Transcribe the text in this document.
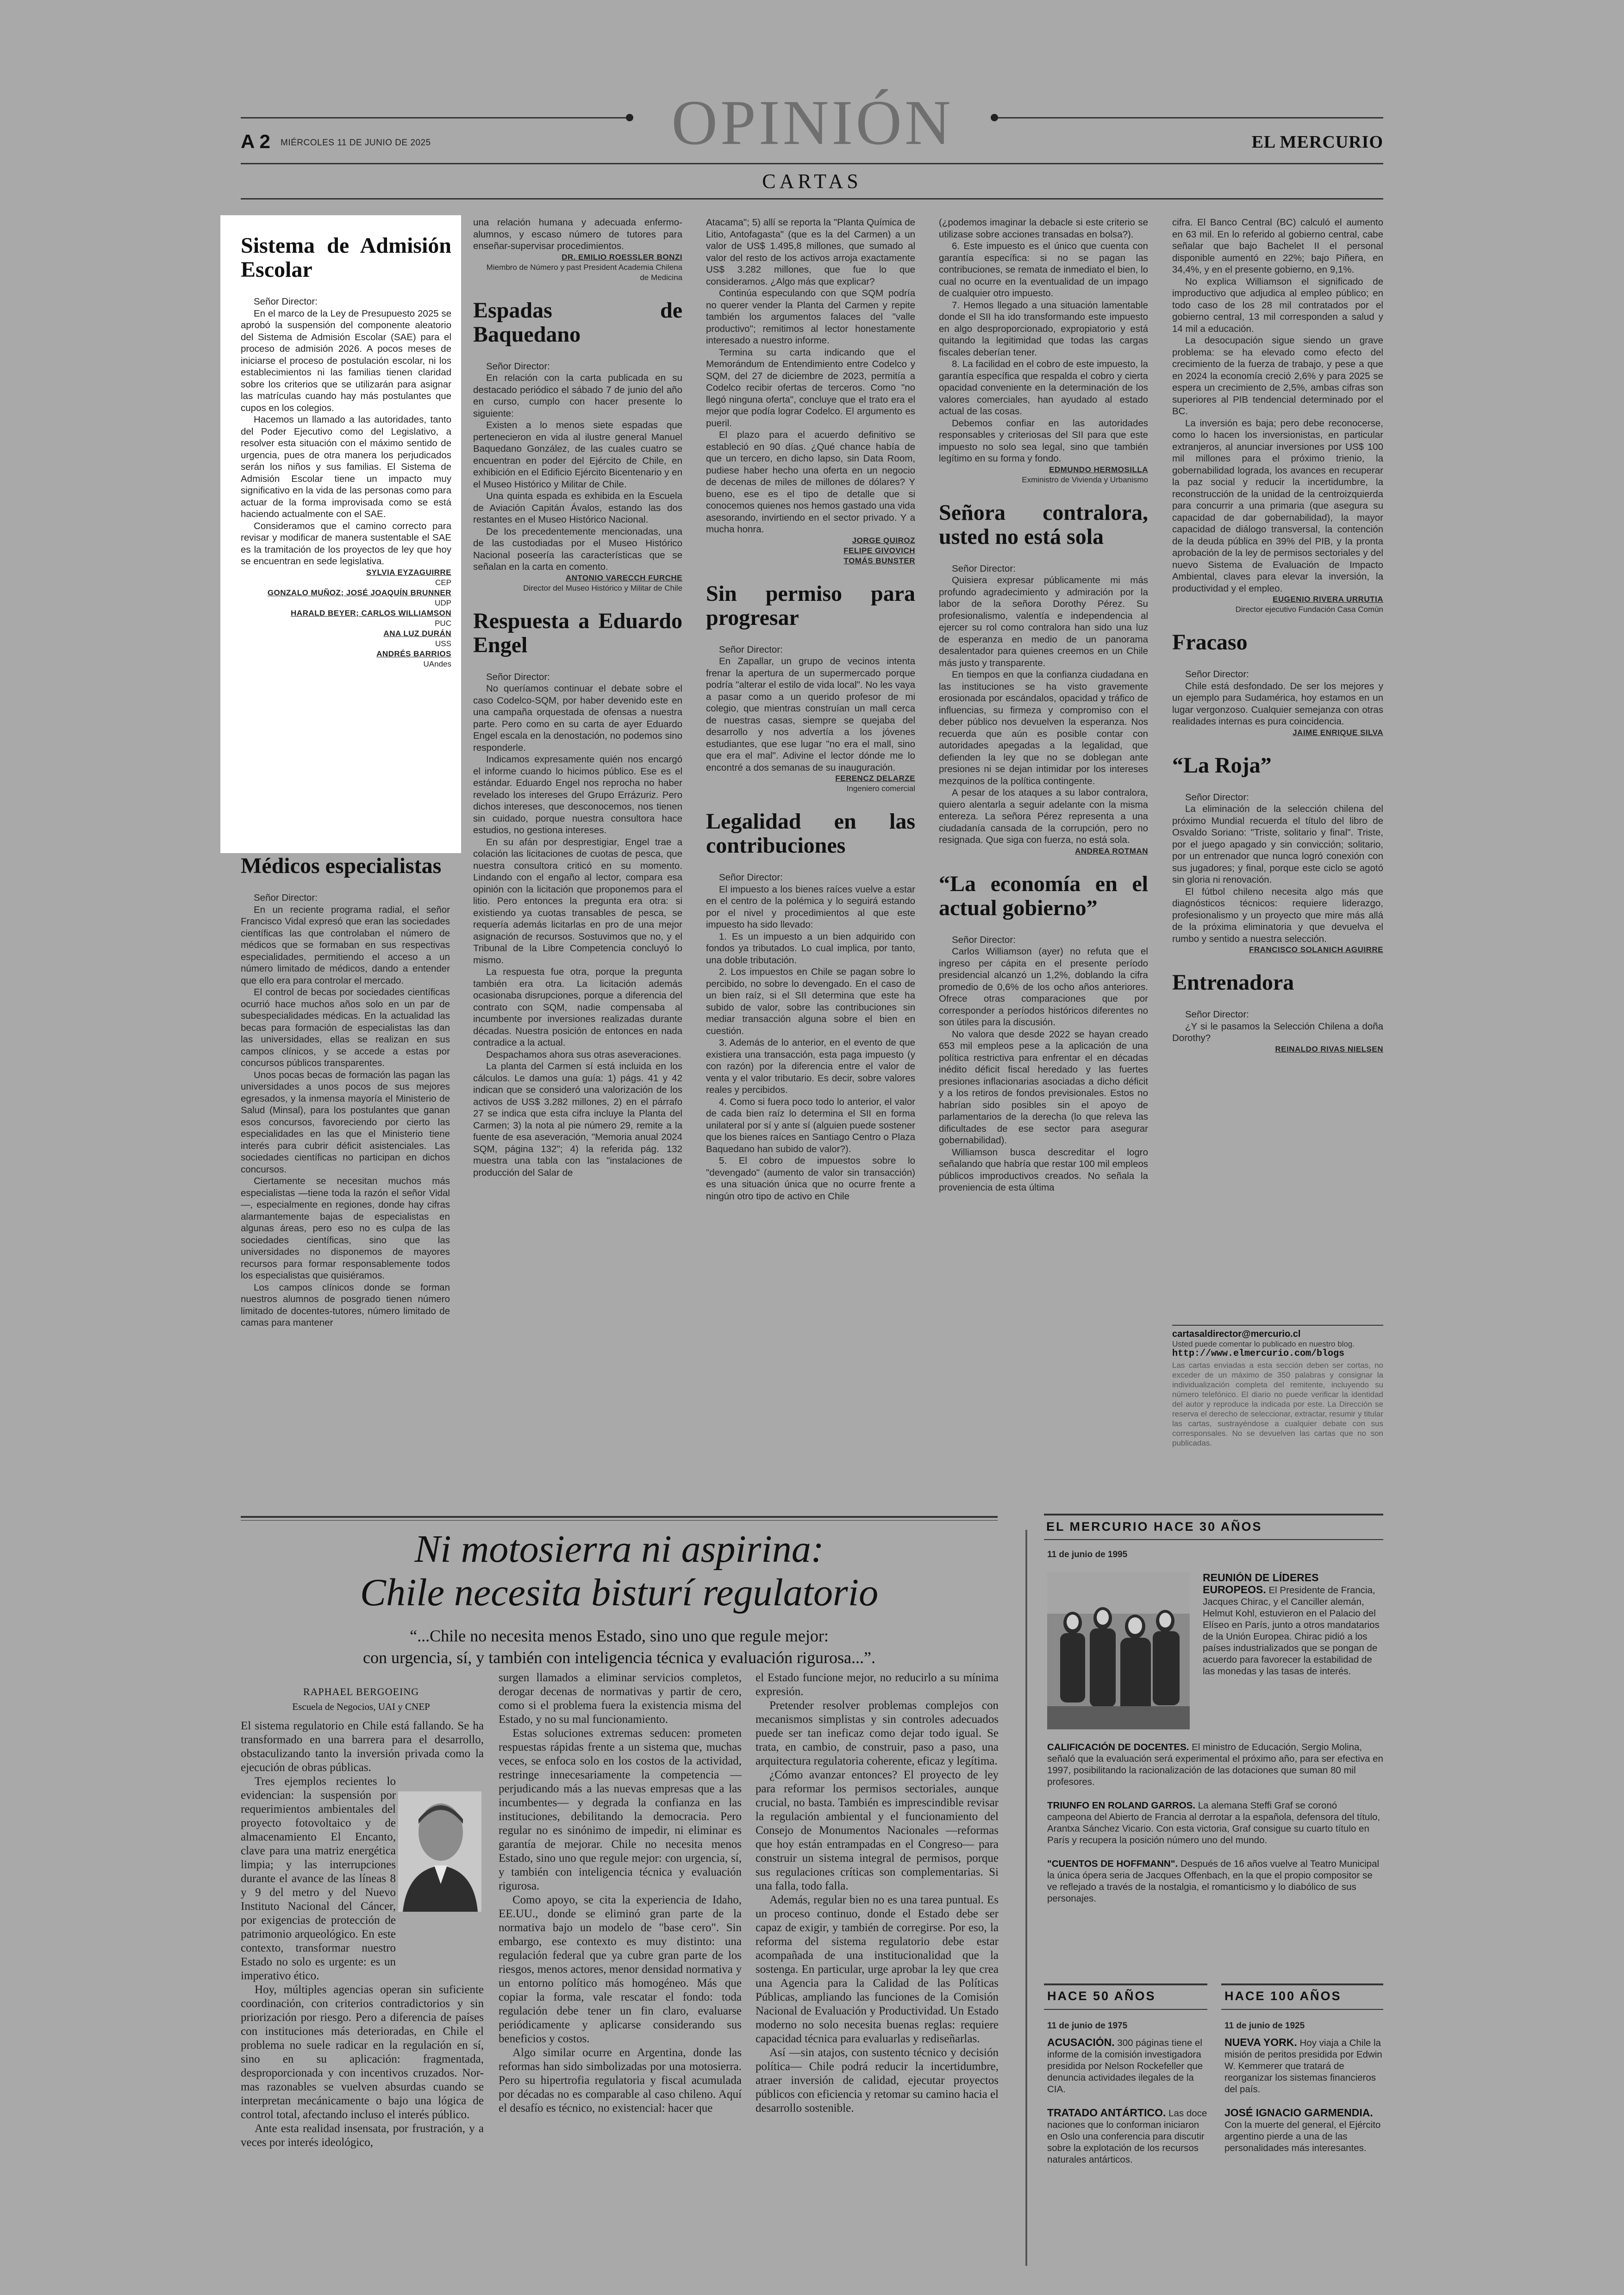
OPINIÓN
A 2 MIÉRCOLES 11 DE JUNIO DE 2025	EL MERCURIO
CARTAS
Sistema de Admisión Escolar

Señor Director:

En el marco de la Ley de Presupuesto 2025 se aprobó la suspensión del componente aleatorio del Sistema de Admisión Escolar (SAE) para el proceso de admisión 2026. A pocos meses de iniciarse el proceso de postulación escolar, ni los establecimientos ni las familias tienen claridad sobre los criterios que se utilizarán para asignar las matrículas cuando hay más postulantes que cupos en los colegios.

Hacemos un llamado a las autoridades, tanto del Poder Ejecutivo como del Legislativo, a resolver esta situación con el máximo sentido de urgencia, pues de otra manera los perjudicados serán los niños y sus familias. El Sistema de Admisión Escolar tiene un impacto muy significativo en la vida de las personas como para actuar de la forma improvisada como se está haciendo actualmente con el SAE.

Consideramos que el camino correcto para revisar y modificar de manera sustentable el SAE es la tramitación de los proyectos de ley que hoy se encuentran en sede legislativa.

SYLVIA EYZAGUIRRE

CEP

GONZALO MUÑOZ; JOSÉ JOAQUÍN BRUNNER

UDP

HARALD BEYER; CARLOS WILLIAMSON

PUC

ANA LUZ DURÁN

USS

ANDRÉS BARRIOS

UAndes

Médicos especialistas

Señor Director:

En un reciente programa radial, el señor Francisco Vidal expresó que eran las sociedades científicas las que controlaban el número de médicos que se formaban en sus respectivas especialidades, permitiendo el acceso a un número limitado de médicos, dando a entender que ello era para controlar el mercado.

El control de becas por sociedades científicas ocurrió hace muchos años solo en un par de subespecialidades médicas. En la actualidad las becas para formación de especialistas las dan las universidades, ellas se realizan en sus campos clínicos, y se accede a estas por concursos públicos transparentes.

Unos pocas becas de formación las pagan las universidades a unos pocos de sus mejores egresados, y la inmensa mayoría el Ministerio de Salud (Minsal), para los postulantes que ganan esos concursos, favoreciendo por cierto las especialidades en las que el Ministerio tiene interés para cubrir déficit asistenciales. Las sociedades científicas no participan en dichos concursos.

Ciertamente se necesitan muchos más especialistas —tiene toda la razón el señor Vidal—, especialmente en regiones, donde hay cifras alarmantemente bajas de especialistas en algunas áreas, pero eso no es culpa de las sociedades científicas, sino que las universidades no disponemos de mayores recursos para formar responsablemente todos los especialistas que quisiéramos.

Los campos clínicos donde se forman nuestros alumnos de posgrado tienen número limitado de docentes-tutores, número limitado de camas para mantener

una relación humana y adecuada enfermo-alumnos, y escaso número de tutores para enseñar-supervisar procedimientos.

DR. EMILIO ROESSLER BONZI

Miembro de Número y past President Academia Chilena de Medicina

Espadas de Baquedano

Señor Director:

En relación con la carta publicada en su destacado periódico el sábado 7 de junio del año en curso, cumplo con hacer presente lo siguiente:

Existen a lo menos siete espadas que pertenecieron en vida al ilustre general Manuel Baquedano González, de las cuales cuatro se encuentran en poder del Ejército de Chile, en exhibición en el Edificio Ejército Bicentenario y en el Museo Histórico y Militar de Chile.

Una quinta espada es exhibida en la Escuela de Aviación Capitán Ávalos, estando las dos restantes en el Museo Histórico Nacional.

De los precedentemente mencionadas, una de las custodiadas por el Museo Histórico Nacional poseería las características que se señalan en la carta en comento.

ANTONIO VARECCH FURCHE

Director del Museo Histórico y Militar de Chile

Respuesta a Eduardo Engel

Señor Director:

No queríamos continuar el debate sobre el caso Codelco-SQM, por haber devenido este en una campaña orquestada de ofensas a nuestra parte. Pero como en su carta de ayer Eduardo Engel escala en la denostación, no podemos sino responderle.

Indicamos expresamente quién nos encargó el informe cuando lo hicimos público. Ese es el estándar. Eduardo Engel nos reprocha no haber revelado los intereses del Grupo Errázuriz. Pero dichos intereses, que desconocemos, nos tienen sin cuidado, porque nuestra consultora hace estudios, no gestiona intereses.

En su afán por desprestigiar, Engel trae a colación las licitaciones de cuotas de pesca, que nuestra consultora criticó en su momento. Lindando con el engaño al lector, compara esa opinión con la licitación que proponemos para el litio. Pero entonces la pregunta era otra: si existiendo ya cuotas transables de pesca, se requería además licitarlas en pro de una mejor asignación de recursos. Sostuvimos que no, y el Tribunal de la Libre Competencia concluyó lo mismo.

La respuesta fue otra, porque la pregunta también era otra. La licitación además ocasionaba disrupciones, porque a diferencia del contrato con SQM, nadie compensaba al incumbente por inversiones realizadas durante décadas. Nuestra posición de entonces en nada contradice a la actual.

Despachamos ahora sus otras aseveraciones.

La planta del Carmen sí está incluida en los cálculos. Le damos una guía: 1) págs. 41 y 42 indican que se consideró una valorización de los activos de US$ 3.282 millones, 2) en el párrafo 27 se indica que esta cifra incluye la Planta del Carmen; 3) la nota al pie número 29, remite a la fuente de esa aseveración, "Memoria anual 2024 SQM, página 132"; 4) la referida pág. 132 muestra una tabla con las "instalaciones de producción del Salar de

Atacama"; 5) allí se reporta la "Planta Química de Litio, Antofagasta" (que es la del Carmen) a un valor de US$ 1.495,8 millones, que sumado al valor del resto de los activos arroja exactamente US$ 3.282 millones, que fue lo que consideramos. ¿Algo más que explicar?

Continúa especulando con que SQM podría no querer vender la Planta del Carmen y repite también los argumentos falaces del "valle productivo"; remitimos al lector honestamente interesado a nuestro informe.

Termina su carta indicando que el Memorándum de Entendimiento entre Codelco y SQM, del 27 de diciembre de 2023, permitía a Codelco recibir ofertas de terceros. Como "no llegó ninguna oferta", concluye que el trato era el mejor que podía lograr Codelco. El argumento es pueril.

El plazo para el acuerdo definitivo se estableció en 90 días. ¿Qué chance había de que un tercero, en dicho lapso, sin Data Room, pudiese haber hecho una oferta en un negocio de decenas de miles de millones de dólares? Y bueno, ese es el tipo de detalle que si conocemos quienes nos hemos gastado una vida asesorando, invirtiendo en el sector privado. Y a mucha honra.

JORGE QUIROZ

FELIPE GIVOVICH

TOMÁS BUNSTER

Sin permiso para progresar

Señor Director:

En Zapallar, un grupo de vecinos intenta frenar la apertura de un supermercado porque podría "alterar el estilo de vida local". No les vaya a pasar como a un querido profesor de mi colegio, que mientras construían un mall cerca de nuestras casas, siempre se quejaba del desarrollo y nos advertía a los jóvenes estudiantes, que ese lugar "no era el mall, sino que era el mal". Adivine el lector dónde me lo encontré a dos semanas de su inauguración.

FERENCZ DELARZE

Ingeniero comercial

Legalidad en las contribuciones

Señor Director:

El impuesto a los bienes raíces vuelve a estar en el centro de la polémica y lo seguirá estando por el nivel y procedimientos al que este impuesto ha sido llevado:

1. Es un impuesto a un bien adquirido con fondos ya tributados. Lo cual implica, por tanto, una doble tributación.

2. Los impuestos en Chile se pagan sobre lo percibido, no sobre lo devengado. En el caso de un bien raíz, si el SII determina que este ha subido de valor, sobre las contribuciones sin mediar transacción alguna sobre el bien en cuestión.

3. Además de lo anterior, en el evento de que existiera una transacción, esta paga impuesto (y con razón) por la diferencia entre el valor de venta y el valor tributario. Es decir, sobre valores reales y percibidos.

4. Como si fuera poco todo lo anterior, el valor de cada bien raíz lo determina el SII en forma unilateral por sí y ante sí (alguien puede sostener que los bienes raíces en Santiago Centro o Plaza Baquedano han subido de valor?).

5. El cobro de impuestos sobre lo "devengado" (aumento de valor sin transacción) es una situación única que no ocurre frente a ningún otro tipo de activo en Chile

(¿podemos imaginar la debacle si este criterio se utilizase sobre acciones transadas en bolsa?).

6. Este impuesto es el único que cuenta con garantía específica: si no se pagan las contribuciones, se remata de inmediato el bien, lo cual no ocurre en la eventualidad de un impago de cualquier otro impuesto.

7. Hemos llegado a una situación lamentable donde el SII ha ido transformando este impuesto en algo desproporcionado, expropiatorio y está quitando la legitimidad que todas las cargas fiscales deberían tener.

8. La facilidad en el cobro de este impuesto, la garantía específica que respalda el cobro y cierta opacidad conveniente en la determinación de los valores comerciales, han ayudado al estado actual de las cosas.

Debemos confiar en las autoridades responsables y criteriosas del SII para que este impuesto no solo sea legal, sino que también legítimo en su forma y fondo.

EDMUNDO HERMOSILLA

Exministro de Vivienda y Urbanismo

Señora contralora, usted no está sola

Señor Director:

Quisiera expresar públicamente mi más profundo agradecimiento y admiración por la labor de la señora Dorothy Pérez. Su profesionalismo, valentía e independencia al ejercer su rol como contralora han sido una luz de esperanza en medio de un panorama desalentador para quienes creemos en un Chile más justo y transparente.

En tiempos en que la confianza ciudadana en las instituciones se ha visto gravemente erosionada por escándalos, opacidad y tráfico de influencias, su firmeza y compromiso con el deber público nos devuelven la esperanza. Nos recuerda que aún es posible contar con autoridades apegadas a la legalidad, que defienden la ley que no se doblegan ante presiones ni se dejan intimidar por los intereses mezquinos de la política contingente.

A pesar de los ataques a su labor contralora, quiero alentarla a seguir adelante con la misma entereza. La señora Pérez representa a una ciudadanía cansada de la corrupción, pero no resignada. Que siga con fuerza, no está sola.

ANDREA ROTMAN

“La economía en el actual gobierno”

Señor Director:

Carlos Williamson (ayer) no refuta que el ingreso per cápita en el presente período presidencial alcanzó un 1,2%, doblando la cifra promedio de 0,6% de los ocho años anteriores. Ofrece otras comparaciones que por corresponder a períodos históricos diferentes no son útiles para la discusión.

No valora que desde 2022 se hayan creado 653 mil empleos pese a la aplicación de una política restrictiva para enfrentar el en décadas inédito déficit fiscal heredado y las fuertes presiones inflacionarias asociadas a dicho déficit y a los retiros de fondos previsionales. Estos no habrían sido posibles sin el apoyo de parlamentarios de la derecha (lo que releva las dificultades de ese sector para asegurar gobernabilidad).

Williamson busca descreditar el logro señalando que habría que restar 100 mil empleos públicos improductivos creados. No señala la proveniencia de esta última

cifra. El Banco Central (BC) calculó el aumento en 63 mil. En lo referido al gobierno central, cabe señalar que bajo Bachelet II el personal disponible aumentó en 22%; bajo Piñera, en 34,4%, y en el presente gobierno, en 9,1%.

No explica Williamson el significado de improductivo que adjudica al empleo público; en todo caso de los 28 mil contratados por el gobierno central, 13 mil corresponden a salud y 14 mil a educación.

La desocupación sigue siendo un grave problema: se ha elevado como efecto del crecimiento de la fuerza de trabajo, y pese a que en 2024 la economía creció 2,6% y para 2025 se espera un crecimiento de 2,5%, ambas cifras son superiores al PIB tendencial determinado por el BC.

La inversión es baja; pero debe reconocerse, como lo hacen los inversionistas, en particular extranjeros, al anunciar inversiones por US$ 100 mil millones para el próximo trienio, la gobernabilidad lograda, los avances en recuperar la paz social y reducir la incertidumbre, la reconstrucción de la unidad de la centroizquierda para concurrir a una primaria (que asegura su capacidad de dar gobernabilidad), la mayor capacidad de diálogo transversal, la contención de la deuda pública en 39% del PIB, y la pronta aprobación de la ley de permisos sectoriales y del nuevo Sistema de Evaluación de Impacto Ambiental, claves para elevar la inversión, la productividad y el empleo.

EUGENIO RIVERA URRUTIA

Director ejecutivo Fundación Casa Común

Fracaso

Señor Director:

Chile está desfondado. De ser los mejores y un ejemplo para Sudamérica, hoy estamos en un lugar vergonzoso. Cualquier semejanza con otras realidades internas es pura coincidencia.

JAIME ENRIQUE SILVA

“La Roja”

Señor Director:

La eliminación de la selección chilena del próximo Mundial recuerda el título del libro de Osvaldo Soriano: "Triste, solitario y final". Triste, por el juego apagado y sin convicción; solitario, por un entrenador que nunca logró conexión con sus jugadores; y final, porque este ciclo se agotó sin gloria ni renovación.

El fútbol chileno necesita algo más que diagnósticos técnicos: requiere liderazgo, profesionalismo y un proyecto que mire más allá de la próxima eliminatoria y que devuelva el rumbo y sentido a nuestra selección.

FRANCISCO SOLANICH AGUIRRE

Entrenadora

Señor Director:

¿Y si le pasamos la Selección Chilena a doña Dorothy?

REINALDO RIVAS NIELSEN

cartasaldirector@mercurio.cl
Usted puede comentar lo publicado en nuestro blog.
http://www.elmercurio.com/blogs
Las cartas enviadas a esta sección deben ser cortas, no exceder de un máximo de 350 palabras y consignar la individualización completa del remitente, incluyendo su número telefónico. El diario no puede verificar la identidad del autor y reproduce la indicada por este. La Dirección se reserva el derecho de seleccionar, extractar, resumir y titular las cartas, sustrayéndose a cualquier debate con sus corresponsales. No se devuelven las cartas que no son publicadas.
Ni motosierra ni aspirina:
Chile necesita bisturí regulatorio
“...Chile no necesita menos Estado, sino uno que regule mejor:
con urgencia, sí, y también con inteligencia técnica y evaluación rigurosa...”.
RAPHAEL BERGOEING
Escuela de Negocios, UAI y CNEP

El sistema regulatorio en Chile está fallando. Se ha transformado en una barrera para el desarrollo, obstaculizando tanto la inversión privada como la ejecución de obras públicas.

Tres ejemplos recientes lo evidencian: la suspensión por requerimientos ambientales del proyecto fotovoltaico y de almacenamiento El Encanto, clave para una matriz energética limpia; y las interrupciones durante el avance de las líneas 8 y 9 del metro y del Nuevo Instituto Nacional del Cáncer, por exigencias de protección de patrimonio arqueológico. En este contexto, transformar nuestro Estado no solo es urgente: es un imperativo ético.

Hoy, múltiples agencias operan sin suficiente coordinación, con criterios contradictorios y sin priorización por riesgo. Pero a diferencia de países con instituciones más deterioradas, en Chile el problema no suele radicar en la regulación en sí, sino en su aplicación: fragmentada, desproporcionada y con incentivos cruzados. Nor-mas razonables se vuelven absurdas cuando se interpretan mecánicamente o bajo una lógica de control total, afectando incluso el interés público.

Ante esta realidad insensata, por frustración, y a veces por interés ideológico,

surgen llamados a eliminar servicios completos, derogar decenas de normativas y partir de cero, como si el problema fuera la existencia misma del Estado, y no su mal funcionamiento.

Estas soluciones extremas seducen: prometen respuestas rápidas frente a un sistema que, muchas veces, se enfoca solo en los costos de la actividad, restringe innecesariamente la competencia —perjudicando más a las nuevas empresas que a las incumbentes— y degrada la confianza en las instituciones, debilitando la democracia. Pero regular no es sinónimo de impedir, ni eliminar es garantía de mejorar. Chile no necesita menos Estado, sino uno que regule mejor: con urgencia, sí, y también con inteligencia técnica y evaluación rigurosa.

Como apoyo, se cita la experiencia de Idaho, EE.UU., donde se eliminó gran parte de la normativa bajo un modelo de "base cero". Sin embargo, ese contexto es muy distinto: una regulación federal que ya cubre gran parte de los riesgos, menos actores, menor densidad normativa y un entorno político más homogéneo. Más que copiar la forma, vale rescatar el fondo: toda regulación debe tener un fin claro, evaluarse periódicamente y aplicarse considerando sus beneficios y costos.

Algo similar ocurre en Argentina, donde las reformas han sido simbolizadas por una motosierra. Pero su hipertrofia regulatoria y fiscal acumulada por décadas no es comparable al caso chileno. Aquí el desafío es técnico, no existencial: hacer que

el Estado funcione mejor, no reducirlo a su mínima expresión.

Pretender resolver problemas complejos con mecanismos simplistas y sin controles adecuados puede ser tan ineficaz como dejar todo igual. Se trata, en cambio, de construir, paso a paso, una arquitectura regulatoria coherente, eficaz y legítima.

¿Cómo avanzar entonces? El proyecto de ley para reformar los permisos sectoriales, aunque crucial, no basta. También es imprescindible revisar la regulación ambiental y el funcionamiento del Consejo de Monumentos Nacionales —reformas que hoy están entrampadas en el Congreso— para construir un sistema integral de permisos, porque sus regulaciones críticas son complementarias. Si una falla, todo falla.

Además, regular bien no es una tarea puntual. Es un proceso continuo, donde el Estado debe ser capaz de exigir, y también de corregirse. Por eso, la reforma del sistema regulatorio debe estar acompañada de una institucionalidad que la sostenga. En particular, urge aprobar la ley que crea una Agencia para la Calidad de las Políticas Públicas, ampliando las funciones de la Comisión Nacional de Evaluación y Productividad. Un Estado moderno no solo necesita buenas reglas: requiere capacidad técnica para evaluarlas y rediseñarlas.

Así —sin atajos, con sustento técnico y decisión política— Chile podrá reducir la incertidumbre, atraer inversión de calidad, ejecutar proyectos públicos con eficiencia y retomar su camino hacia el desarrollo sostenible.

EL MERCURIO HACE 30 AÑOS
11 de junio de 1995
REUNIÓN DE LÍDERES EUROPEOS. El Presidente de Francia, Jacques Chirac, y el Canciller alemán, Helmut Kohl, estuvieron en el Palacio del Elíseo en París, junto a otros mandatarios de la Unión Europea. Chirac pidió a los países industrializados que se pongan de acuerdo para favorecer la estabilidad de las monedas y las tasas de interés.

CALIFICACIÓN DE DOCENTES. El ministro de Educación, Sergio Molina, señaló que la evaluación será experimental el próximo año, para ser efectiva en 1997, posibilitando la racionalización de las dotaciones que suman 80 mil profesores.

TRIUNFO EN ROLAND GARROS. La alemana Steffi Graf se coronó campeona del Abierto de Francia al derrotar a la española, defensora del título, Arantxa Sánchez Vicario. Con esta victoria, Graf consigue su cuarto título en París y recupera la posición número uno del mundo.

"CUENTOS DE HOFFMANN". Después de 16 años vuelve al Teatro Municipal la única ópera seria de Jacques Offenbach, en la que el propio compositor se ve reflejado a través de la nostalgia, el romanticismo y lo diabólico de sus personajes.

HACE 50 AÑOS
11 de junio de 1975

ACUSACIÓN. 300 páginas tiene el informe de la comisión investigadora presidida por Nelson Rockefeller que denuncia actividades ilegales de la CIA.

TRATADO ANTÁRTICO. Las doce naciones que lo conforman iniciaron en Oslo una conferencia para discutir sobre la explotación de los recursos naturales antárticos.

HACE 100 AÑOS
11 de junio de 1925

NUEVA YORK. Hoy viaja a Chile la misión de peritos presidida por Edwin W. Kemmerer que tratará de reorganizar los sistemas financieros del país.

JOSÉ IGNACIO GARMENDIA. Con la muerte del general, el Ejército argentino pierde a una de las personalidades más interesantes.
